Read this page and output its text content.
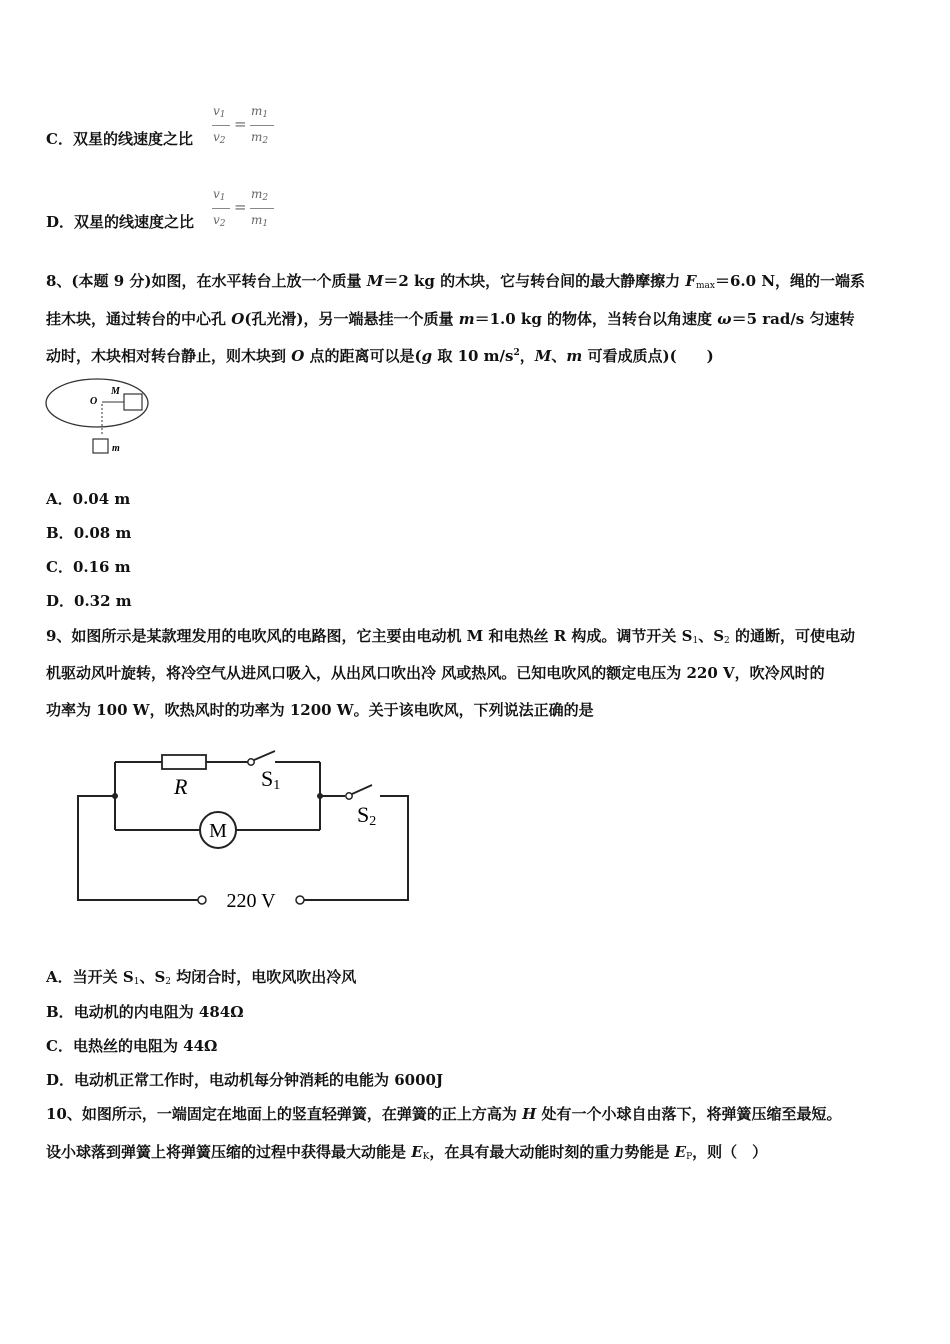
C．双星的线速度之比
$v_1$
$v_2$
=
$m_1$
$m_2$
D．双星的线速度之比
$v_1$
$v_2$
=
$m_2$
$m_1$
8、(本题 9 分)如图，在水平转台上放一个质量 M＝2 kg 的木块，它与转台间的最大静摩擦力 $F_{max}=6.0$ N，绳的一端系
挂木块，通过转台的中心孔 O(孔光滑)，另一端悬挂一个质量 m＝1.0 kg 的物体，当转台以角速度 ω＝5 rad/s 匀速转
动时，木块相对转台静止，则木块到 O 点的距离可以是(g 取 10 $m/s^2$，M、m 可看成质点)(　　)
O
M
m
A．0.04 m
B．0.08 m
C．0.16 m
D．0.32 m
9、如图所示是某款理发用的电吹风的电路图，它主要由电动机 M 和电热丝 R 构成。调节开关 $S_1$、$S_2$ 的通断，可使电动
机驱动风叶旋转，将冷空气从进风口吸入，从出风口吹出冷 风或热风。已知电吹风的额定电压为 220 V，吹冷风时的
功率为 100 W，吹热风时的功率为 1200 W。关于该电吹风，下列说法正确的是
M
220 V
R	S1
S2
A．当开关 $S_1$、$S_2$ 均闭合时，电吹风吹出冷风
B．电动机的内电阻为 484Ω
C．电热丝的电阻为 44Ω
D．电动机正常工作时，电动机每分钟消耗的电能为 6000J
10、如图所示，一端固定在地面上的竖直轻弹簧，在弹簧的正上方高为 H 处有一个小球自由落下，将弹簧压缩至最短。
设小球落到弹簧上将弹簧压缩的过程中获得最大动能是 $E_K$，在具有最大动能时刻的重力势能是 $E_P$，则（　）
